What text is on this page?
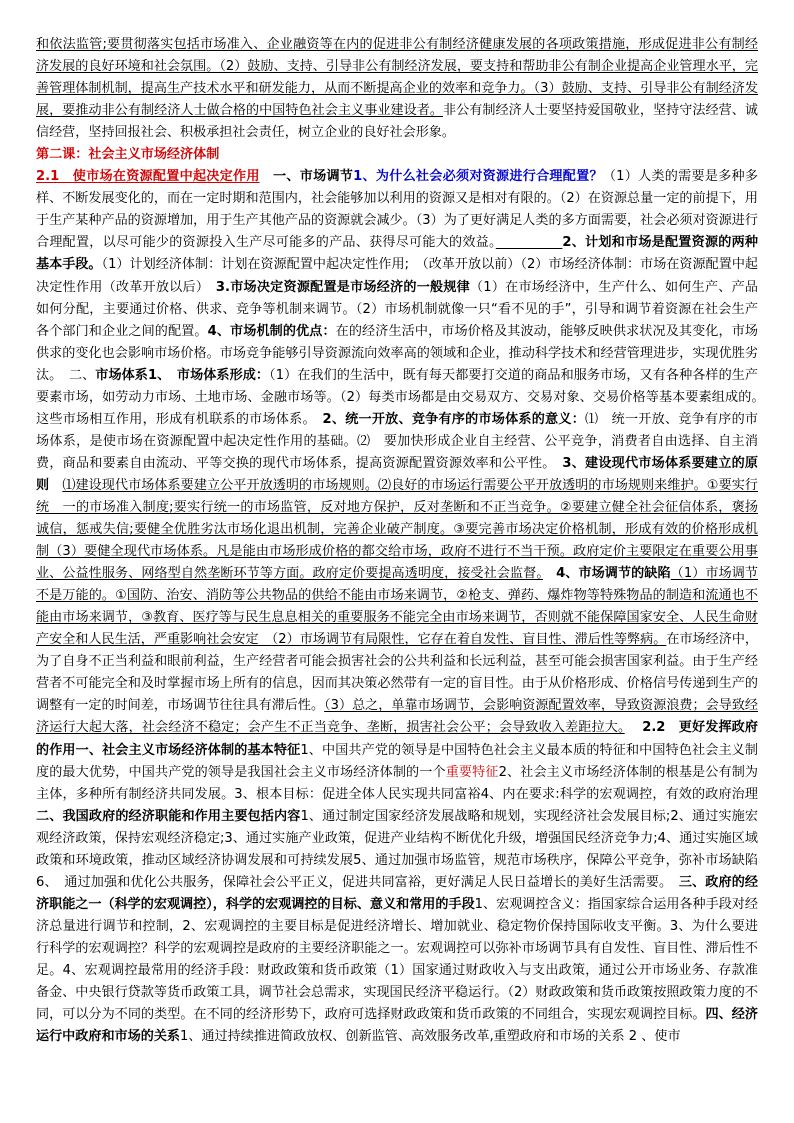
和依法监管;要贯彻落实包括市场准入、企业融资等在内的促进非公有制经济健康发展的各项政策措施，形成促进非公有制经济发展的良好环境和社会氛围。（2）鼓励、支持、引导非公有制经济发展，要支持和帮助非公有制企业提高企业管理水平，完善管理体制机制，提高生产技术水平和研发能力，从而不断提高企业的效率和竞争力。（3）鼓励、支持、引导非公有制经济发展，要推动非公有制经济人士做合格的中国特色社会主义事业建设者。非公有制经济人士要坚持爱国敬业，坚持守法经营、诚信经营，坚持回报社会、积极承担社会责任，树立企业的良好社会形象。
第二课：社会主义市场经济体制
2.1　使市场在资源配置中起决定作用　一、市场调节1、为什么社会必须对资源进行合理配置？（1）人类的需要是多种多样、不断发展变化的，而在一定时期和范围内，社会能够加以利用的资源又是相对有限的。（2）在资源总量一定的前提下，用于生产某种产品的资源增加，用于生产其他产品的资源就会减少。（3）为了更好满足人类的多方面需要，社会必须对资源进行合理配置，以尽可能少的资源投入生产尽可能多的产品、获得尽可能大的效益。　　　　　	2、计划和市场是配置资源的两种基本手段。（1）计划经济体制：计划在资源配置中起决定性作用;　（改革开放以前）（2）市场经济体制：市场在资源配置中起决定性作用（改革开放以后）　3.市场决定资源配置是市场经济的一般规律（1）在市场经济中，生产什么、如何生产、产品如何分配，主要通过价格、供求、竞争等机制来调节。（2）市场机制就像一只“看不见的手”，引导和调节着资源在社会生产各个部门和企业之间的配置。4、市场机制的优点：在的经济生活中，市场价格及其波动，能够反映供求状况及其变化，市场供求的变化也会影响市场价格。市场竞争能够引导资源流向效率高的领域和企业，推动科学技术和经营管理进步，实现优胜劣汰。　二、市场体系1、　市场体系形成：（1）在我们的生活中，既有每天都要打交道的商品和服务市场，又有各种各样的生产要素市场，如劳动力市场、土地市场、金融市场等。（2）每类市场都是由交易双方、交易对象、交易价格等基本要素组成的。　　这些市场相互作用，形成有机联系的市场体系。　2、统一开放、竞争有序的市场体系的意义：⑴　统一开放、竞争有序的市场体系，是使市场在资源配置中起决定性作用的基础。⑵　要加快形成企业自主经营、公平竞争，消费者自由选择、自主消费，商品和要素自由流动、平等交换的现代市场体系，提高资源配置资源效率和公平性。　3、建设现代市场体系要建立的原则　 ⑴建设现代市场体系要建立公平开放透明的市场规则。⑵良好的市场运行需要公平开放透明的市场规则来维护。①要实行统　一的市场准入制度;要实行统一的市场监管，反对地方保护，反对垄断和不正当竞争。②要建立健全社会征信体系，褒扬诚信，惩戒失信;要健全优胜劣汰市场化退出机制，完善企业破产制度。③要完善市场决定价格机制，形成有效的价格形成机制（3）要健全现代市场体系。凡是能由市场形成价格的都交给市场，政府不进行不当干预。政府定价主要限定在重要公用事业、公益性服务、网络型自然垄断环节等方面。政府定价要提高透明度，接受社会监督。　 4、市场调节的缺陷（1）市场调节不是万能的。①国防、治安、消防等公共物品的供给不能由市场来调节，②枪支、弹药、爆炸物等特殊物品的制造和流通也不能由市场来调节，③教育、医疗等与民生息息相关的重要服务不能完全由市场来调节，否则就不能保障国家安全、人民生命财产安全和人民生活，严重影响社会安定　（2）市场调节有局限性，它存在着自发性、盲目性、滞后性等弊病。在市场经济中，为了自身不正当利益和眼前利益，生产经营者可能会损害社会的公共利益和长远利益，甚至可能会损害国家利益。由于生产经营者不可能完全和及时掌握市场上所有的信息，因而其决策必然带有一定的盲目性。由于从价格形成、价格信号传递到生产的调整有一定的时间差，市场调节往往具有滞后性。（3）总之，单靠市场调节，会影响资源配置效率，导致资源浪费；会导致经济运行大起大落，社会经济不稳定；会产生不正当竞争、垄断，损害社会公平；会导致收入差距拉大。　 2.2　更好发挥政府的作用一、社会主义市场经济体制的基本特征1、中国共产党的领导是中国特色社会主义最本质的特征和中国特色社会主义制度的最大优势，中国共产党的领导是我国社会主义市场经济体制的一个重要特征2、社会主义市场经济体制的根基是公有制为主体，多种所有制经济共同发展。3、根本目标：促进全体人民实现共同富裕4、内在要求:科学的宏观调控，有效的政府治理　二、我国政府的经济职能和作用主要包括内容1、通过制定国家经济发展战略和规划，实现经济社会发展目标;2、通过实施宏观经济政策，保持宏观经济稳定;3、通过实施产业政策，促进产业结构不断优化升级，增强国民经济竞争力;4、通过实施区域政策和环境政策，推动区域经济协调发展和可持续发展5、通过加强市场监管，规范市场秩序，保障公平竞争，弥补市场缺陷6、　通过加强和优化公共服务，保障社会公平正义，促进共同富裕，更好满足人民日益增长的美好生活需要。　三、政府的经济职能之一（科学的宏观调控），科学的宏观调控的目标、意义和常用的手段1、宏观调控含义：指国家综合运用各种手段对经济总量进行调节和控制，2、宏观调控的主要目标是促进经济增长、增加就业、稳定物价保持国际收支平衡。3、为什么要进行科学的宏观调控？科学的宏观调控是政府的主要经济职能之一。宏观调控可以弥补市场调节具有自发性、盲目性、滞后性不足。4、宏观调控最常用的经济手段：财政政策和货币政策（1）国家通过财政收入与支出政策，通过公开市场业务、存款准备金、中央银行贷款等货币政策工具，调节社会总需求，实现国民经济平稳运行。（2）财政政策和货币政策按照政策力度的不同，可以分为不同的类型。在不同的经济形势下，政府可选择财政政策和货币政策的不同组合，实现宏观调控目标。四、经济运行中政府和市场的关系1、通过持续推进简政放权、创新监管、高效服务改革,重塑政府和市场的关系 2 、使市
